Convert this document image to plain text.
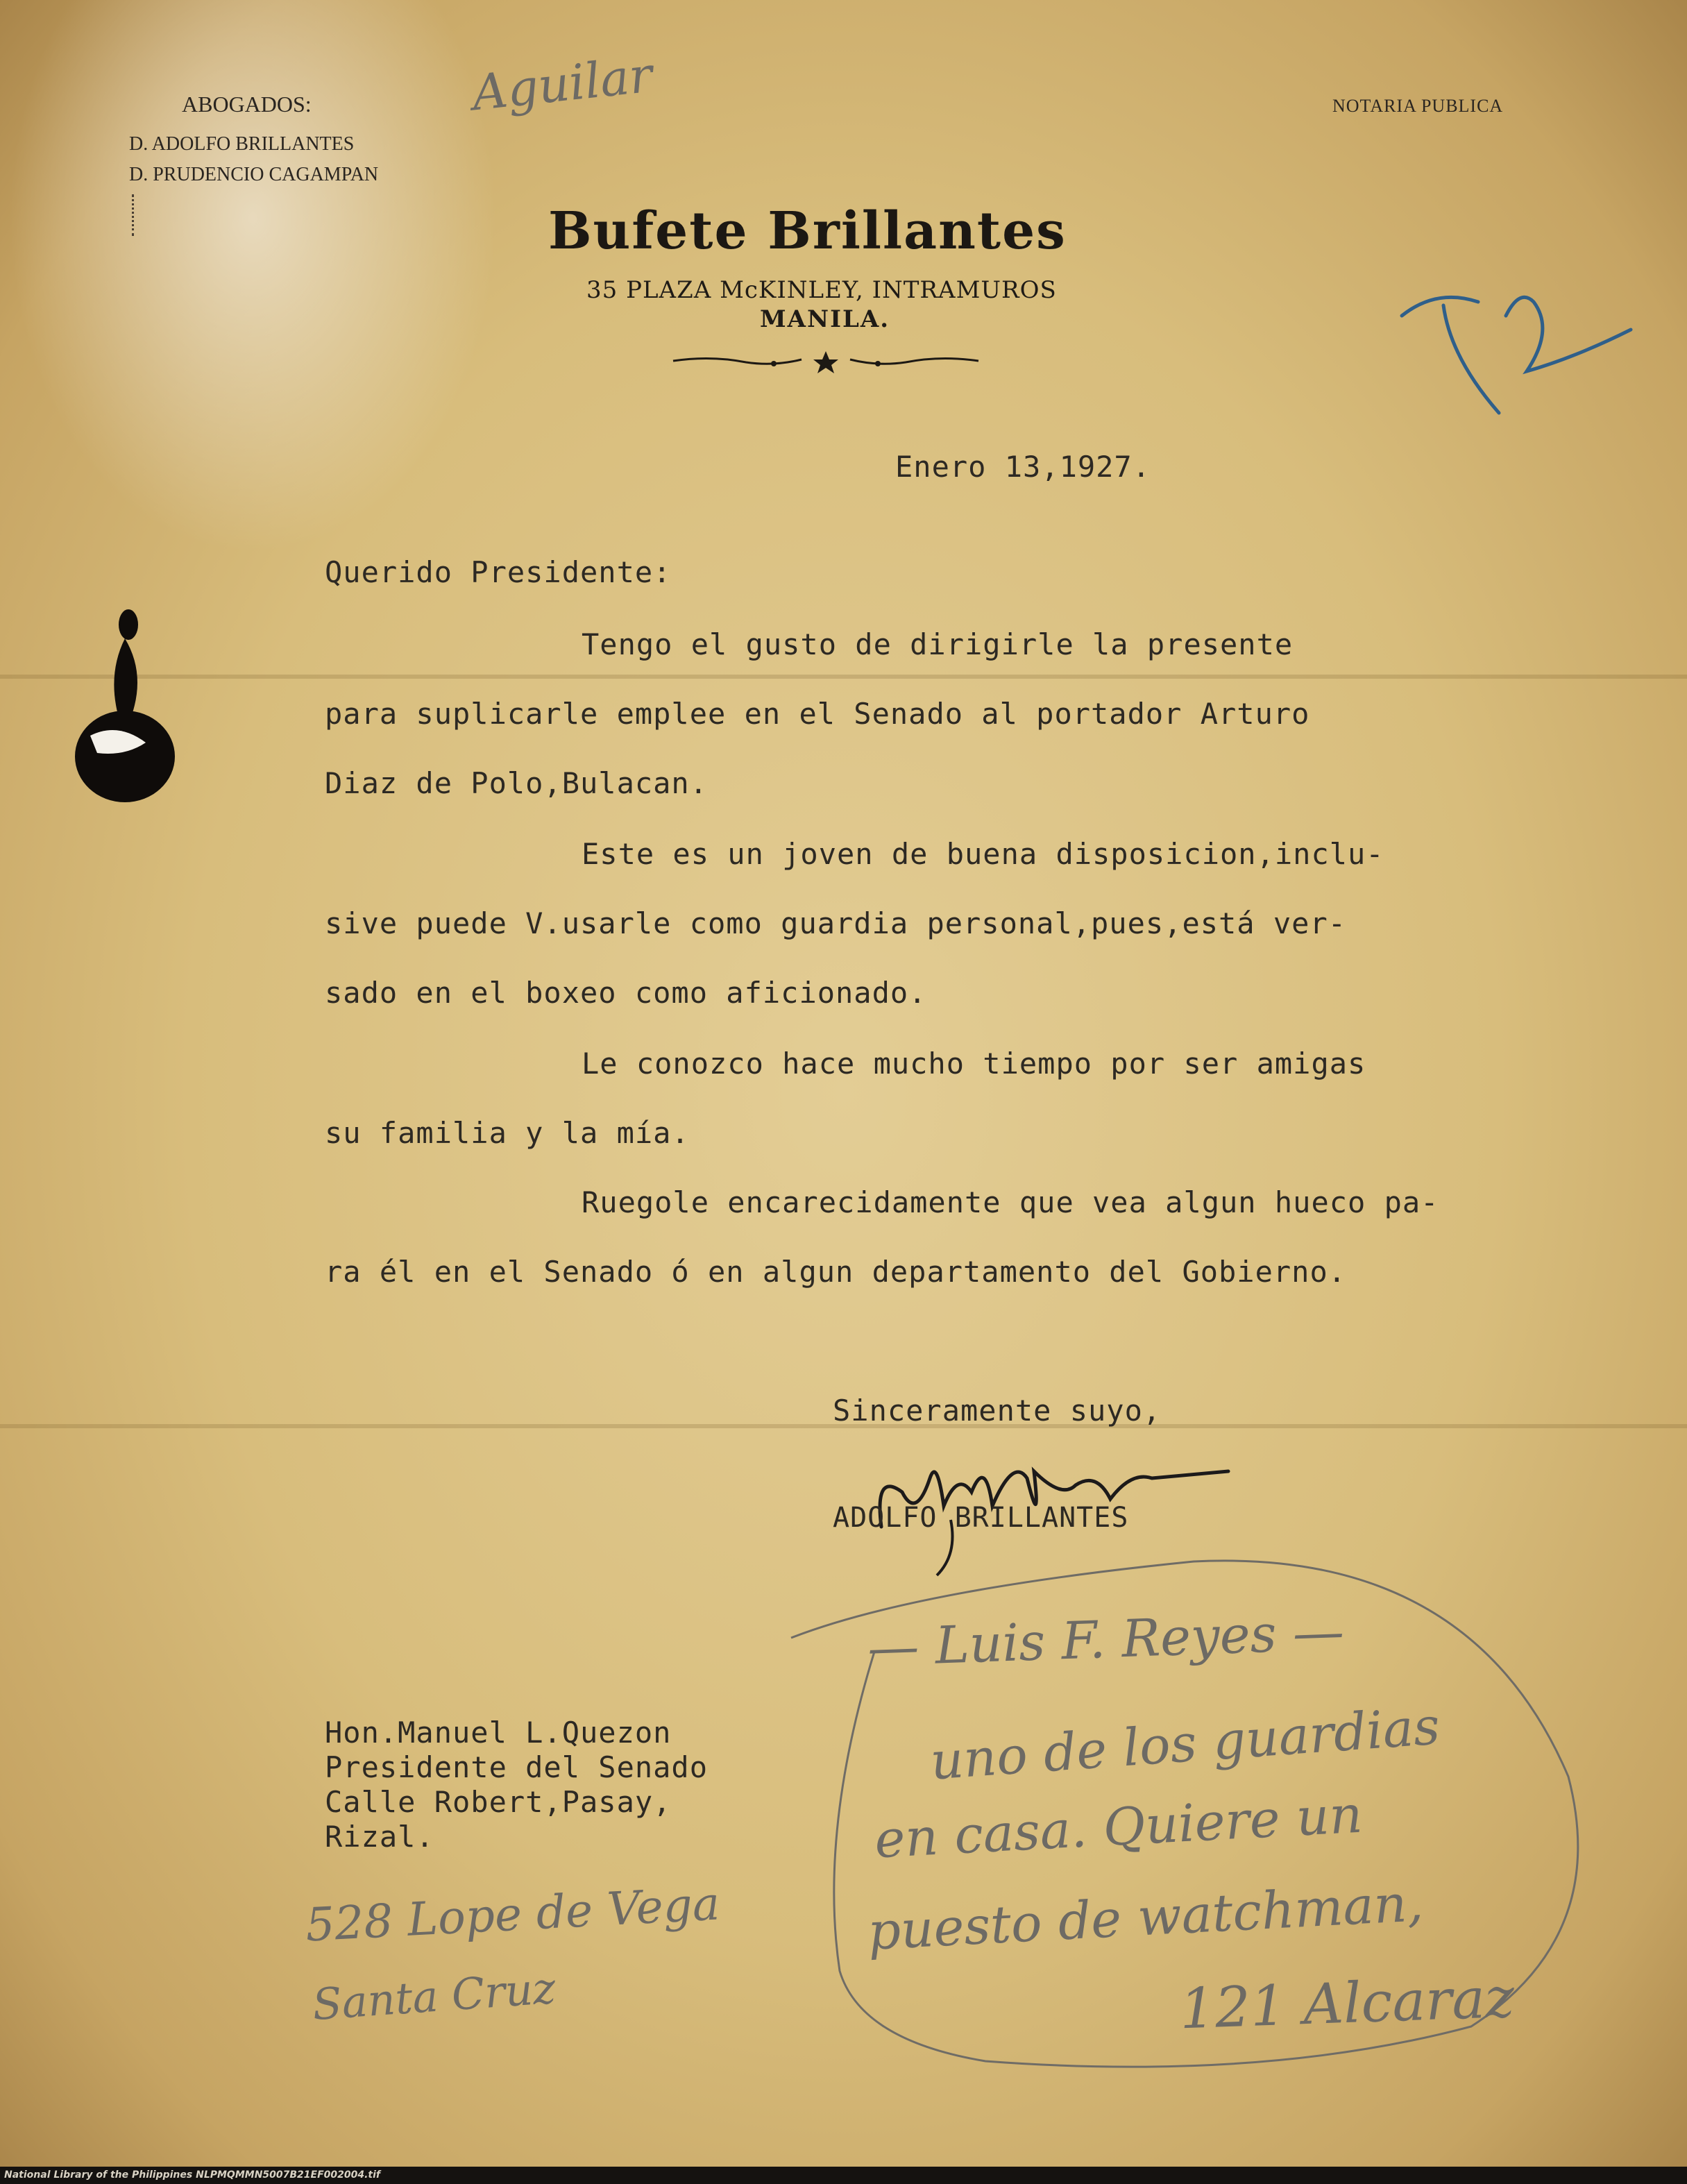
ABOGADOS:
D. ADOLFO BRILLANTES
D. PRUDENCIO CAGAMPAN
Aguilar	NOTARIA PUBLICA
Bufete Brillantes
35 PLAZA McKINLEY, INTRAMUROS
MANILA.
Enero 13,1927.
Querido Presidente:
Tengo el gusto de dirigirle la presente
para suplicarle emplee en el Senado al portador Arturo
Diaz de Polo,Bulacan.
Este es un joven de buena disposicion,inclu-
sive puede V.usarle como guardia personal,pues,está ver-
sado en el boxeo como aficionado.
Le conozco hace mucho tiempo por ser amigas
su familia y la mía.
Ruegole encarecidamente que vea algun hueco pa-
ra él en el Senado ó en algun departamento del Gobierno.
Sinceramente suyo,
ADOLFO BRILLANTES
— Luis F. Reyes —
uno de los guardias
en casa. Quiere un
puesto de watchman,
121 Alcaraz
Hon.Manuel L.Quezon
Presidente del Senado
Calle Robert,Pasay,
Rizal.
528 Lope de Vega
Santa Cruz
National Library of the Philippines NLPMQMMN5007B21EF002004.tif
